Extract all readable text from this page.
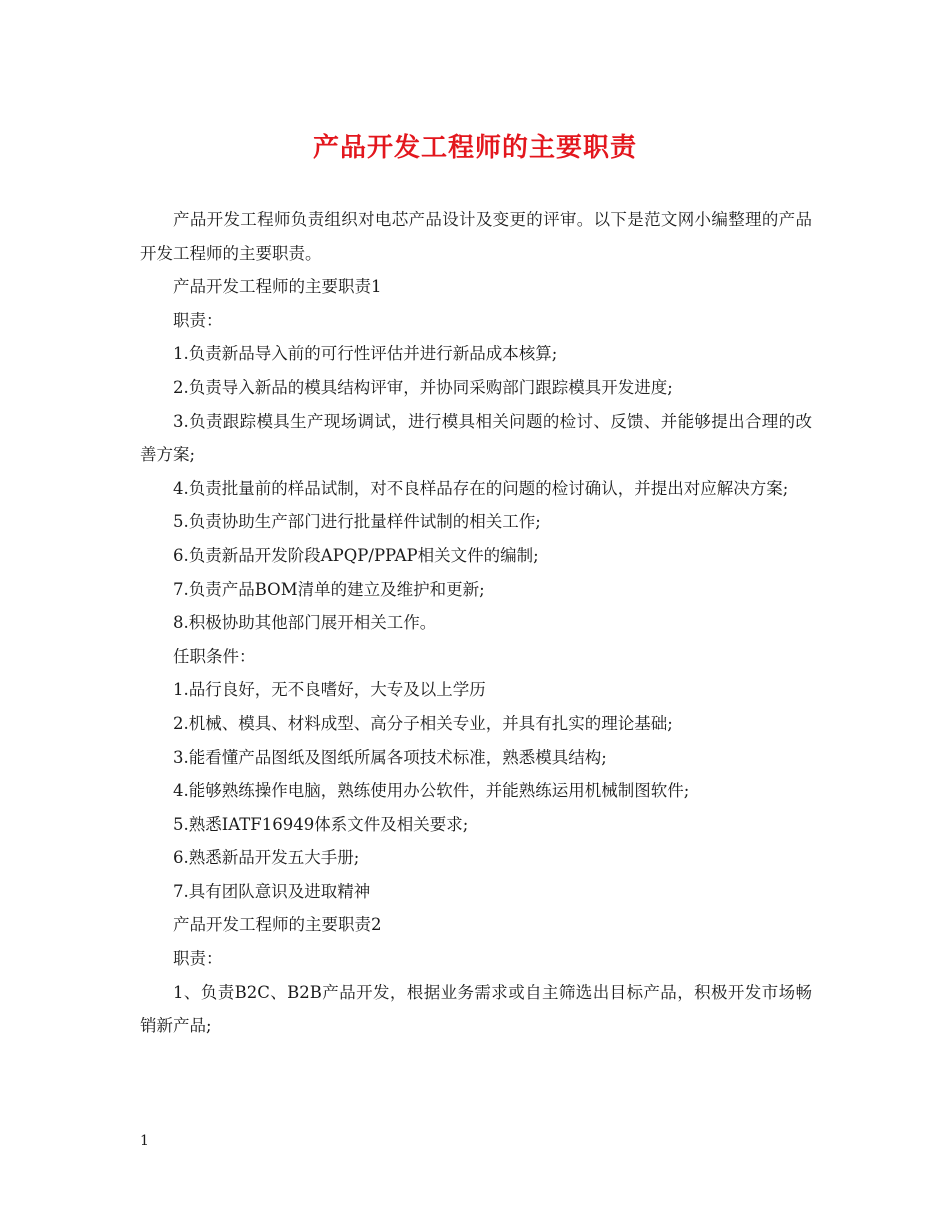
产品开发工程师的主要职责

产品开发工程师负责组织对电芯产品设计及变更的评审。以下是范文网小编整理的产品开发工程师的主要职责。

产品开发工程师的主要职责1

职责：

1.负责新品导入前的可行性评估并进行新品成本核算;

2.负责导入新品的模具结构评审，并协同采购部门跟踪模具开发进度;

3.负责跟踪模具生产现场调试，进行模具相关问题的检讨、反馈、并能够提出合理的改善方案;

4.负责批量前的样品试制，对不良样品存在的问题的检讨确认，并提出对应解决方案;

5.负责协助生产部门进行批量样件试制的相关工作;

6.负责新品开发阶段APQP/PPAP相关文件的编制;

7.负责产品BOM清单的建立及维护和更新;

8.积极协助其他部门展开相关工作。

任职条件：

1.品行良好，无不良嗜好，大专及以上学历

2.机械、模具、材料成型、高分子相关专业，并具有扎实的理论基础;

3.能看懂产品图纸及图纸所属各项技术标准，熟悉模具结构;

4.能够熟练操作电脑，熟练使用办公软件，并能熟练运用机械制图软件;

5.熟悉IATF16949体系文件及相关要求;

6.熟悉新品开发五大手册;

7.具有团队意识及进取精神

产品开发工程师的主要职责2

职责：

1、负责B2C、B2B产品开发，根据业务需求或自主筛选出目标产品，积极开发市场畅销新产品;

1
